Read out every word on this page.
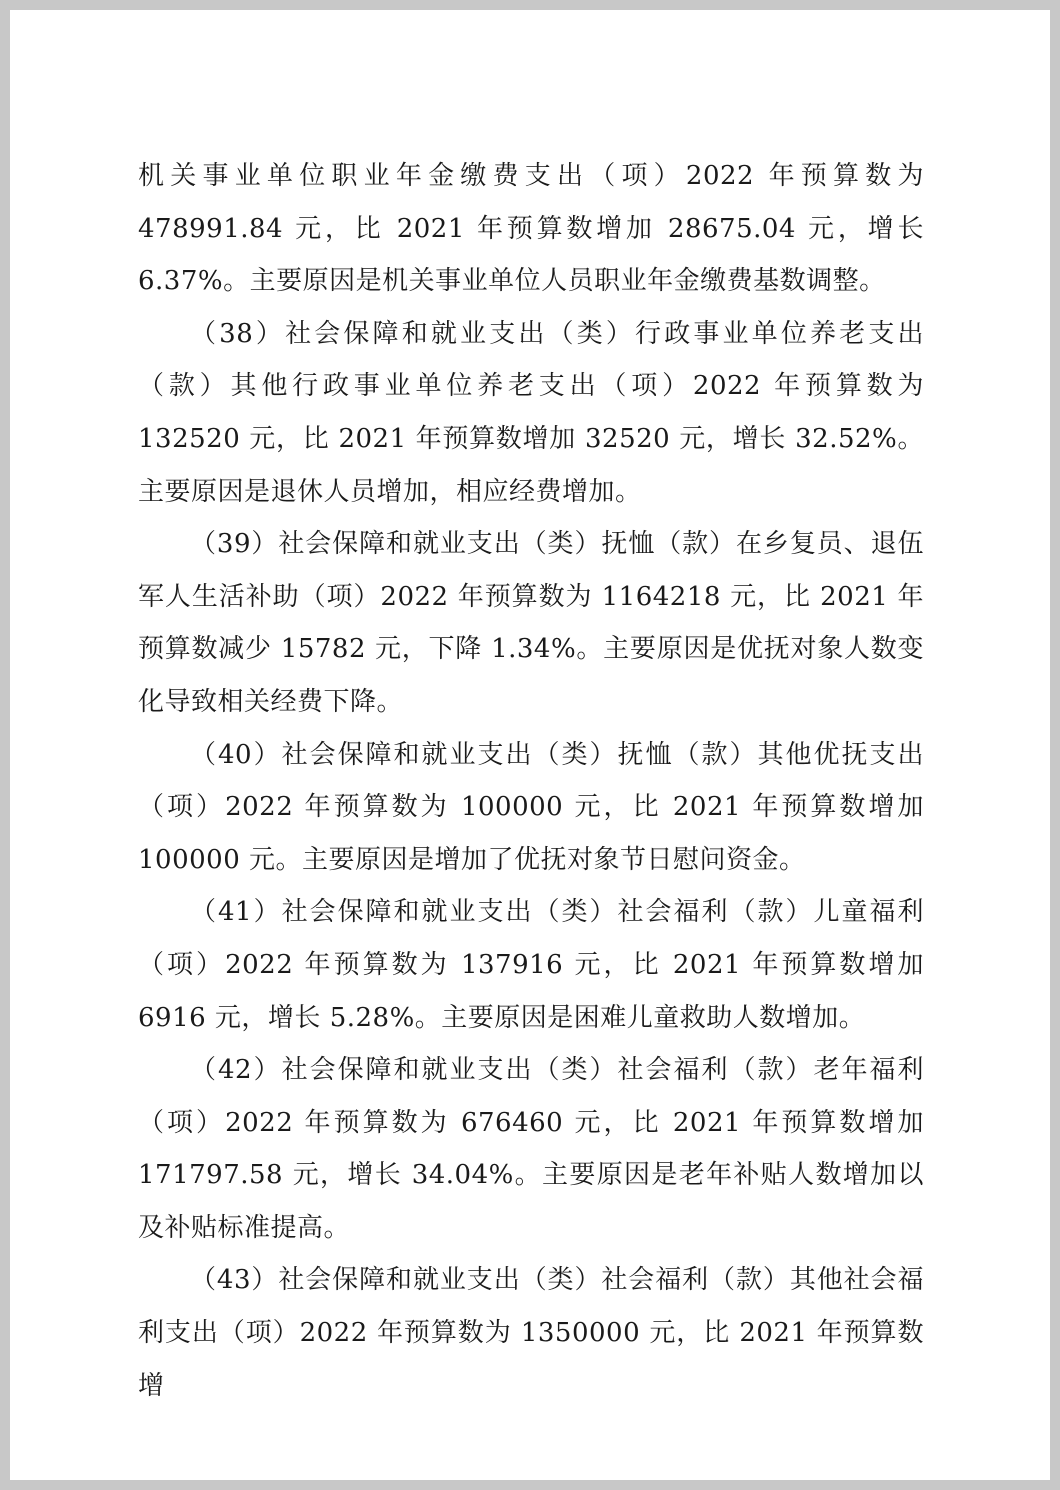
机关事业单位职业年金缴费支出（项）2022 年预算数为 478991.84 元，比 2021 年预算数增加 28675.04 元，增长 6.37%。主要原因是机关事业单位人员职业年金缴费基数调整。

（38）社会保障和就业支出（类）行政事业单位养老支出（款）其他行政事业单位养老支出（项）2022 年预算数为 132520 元，比 2021 年预算数增加 32520 元，增长 32.52%。主要原因是退休人员增加，相应经费增加。

（39）社会保障和就业支出（类）抚恤（款）在乡复员、退伍军人生活补助（项）2022 年预算数为 1164218 元，比 2021 年预算数减少 15782 元，下降 1.34%。主要原因是优抚对象人数变化导致相关经费下降。

（40）社会保障和就业支出（类）抚恤（款）其他优抚支出（项）2022 年预算数为 100000 元，比 2021 年预算数增加 100000 元。主要原因是增加了优抚对象节日慰问资金。

（41）社会保障和就业支出（类）社会福利（款）儿童福利（项）2022 年预算数为 137916 元，比 2021 年预算数增加 6916 元，增长 5.28%。主要原因是困难儿童救助人数增加。

（42）社会保障和就业支出（类）社会福利（款）老年福利（项）2022 年预算数为 676460 元，比 2021 年预算数增加 171797.58 元，增长 34.04%。主要原因是老年补贴人数增加以及补贴标准提高。

（43）社会保障和就业支出（类）社会福利（款）其他社会福利支出（项）2022 年预算数为 1350000 元，比 2021 年预算数增
